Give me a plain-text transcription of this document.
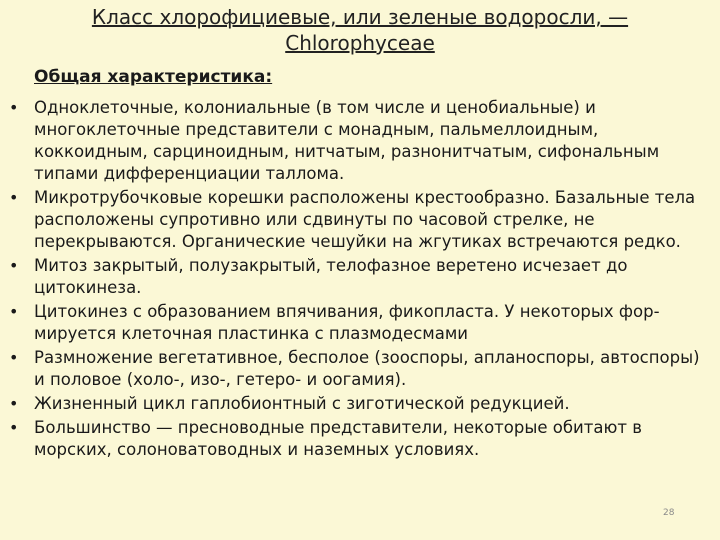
Класс хлорофициевые, или зеленые водоросли, — Chlorophyceae
Общая характеристика:
• Одноклеточные, колониальные (в том числе и ценобиальные) и многоклеточные представители с монадным, пальмеллоидным, коккоидным, сарциноидным, нитчатым, разнонитчатым, сифональным типами дифференциации таллома.
• Микротрубочковые корешки расположены крестообразно. Базальные тела расположены супротивно или сдвинуты по часовой стрелке, не перекрываются. Органические чешуйки на жгутиках встречаются редко.
• Митоз закрытый, полузакрытый, телофазное веретено исчезает до цитокинеза.
• Цитокинез с образованием впячивания, фикопласта. У некоторых фор-мируется клеточная пластинка с плазмодесмами
• Размножение вегетативное, бесполое (зооспоры, апланоспоры, автоспоры) и половое (холо-, изо-, гетеро- и оогамия).
• Жизненный цикл гаплобионтный с зиготической редукцией.
• Большинство — пресноводные представители, некоторые обитают в морских, солоноватоводных и наземных условиях.
28
